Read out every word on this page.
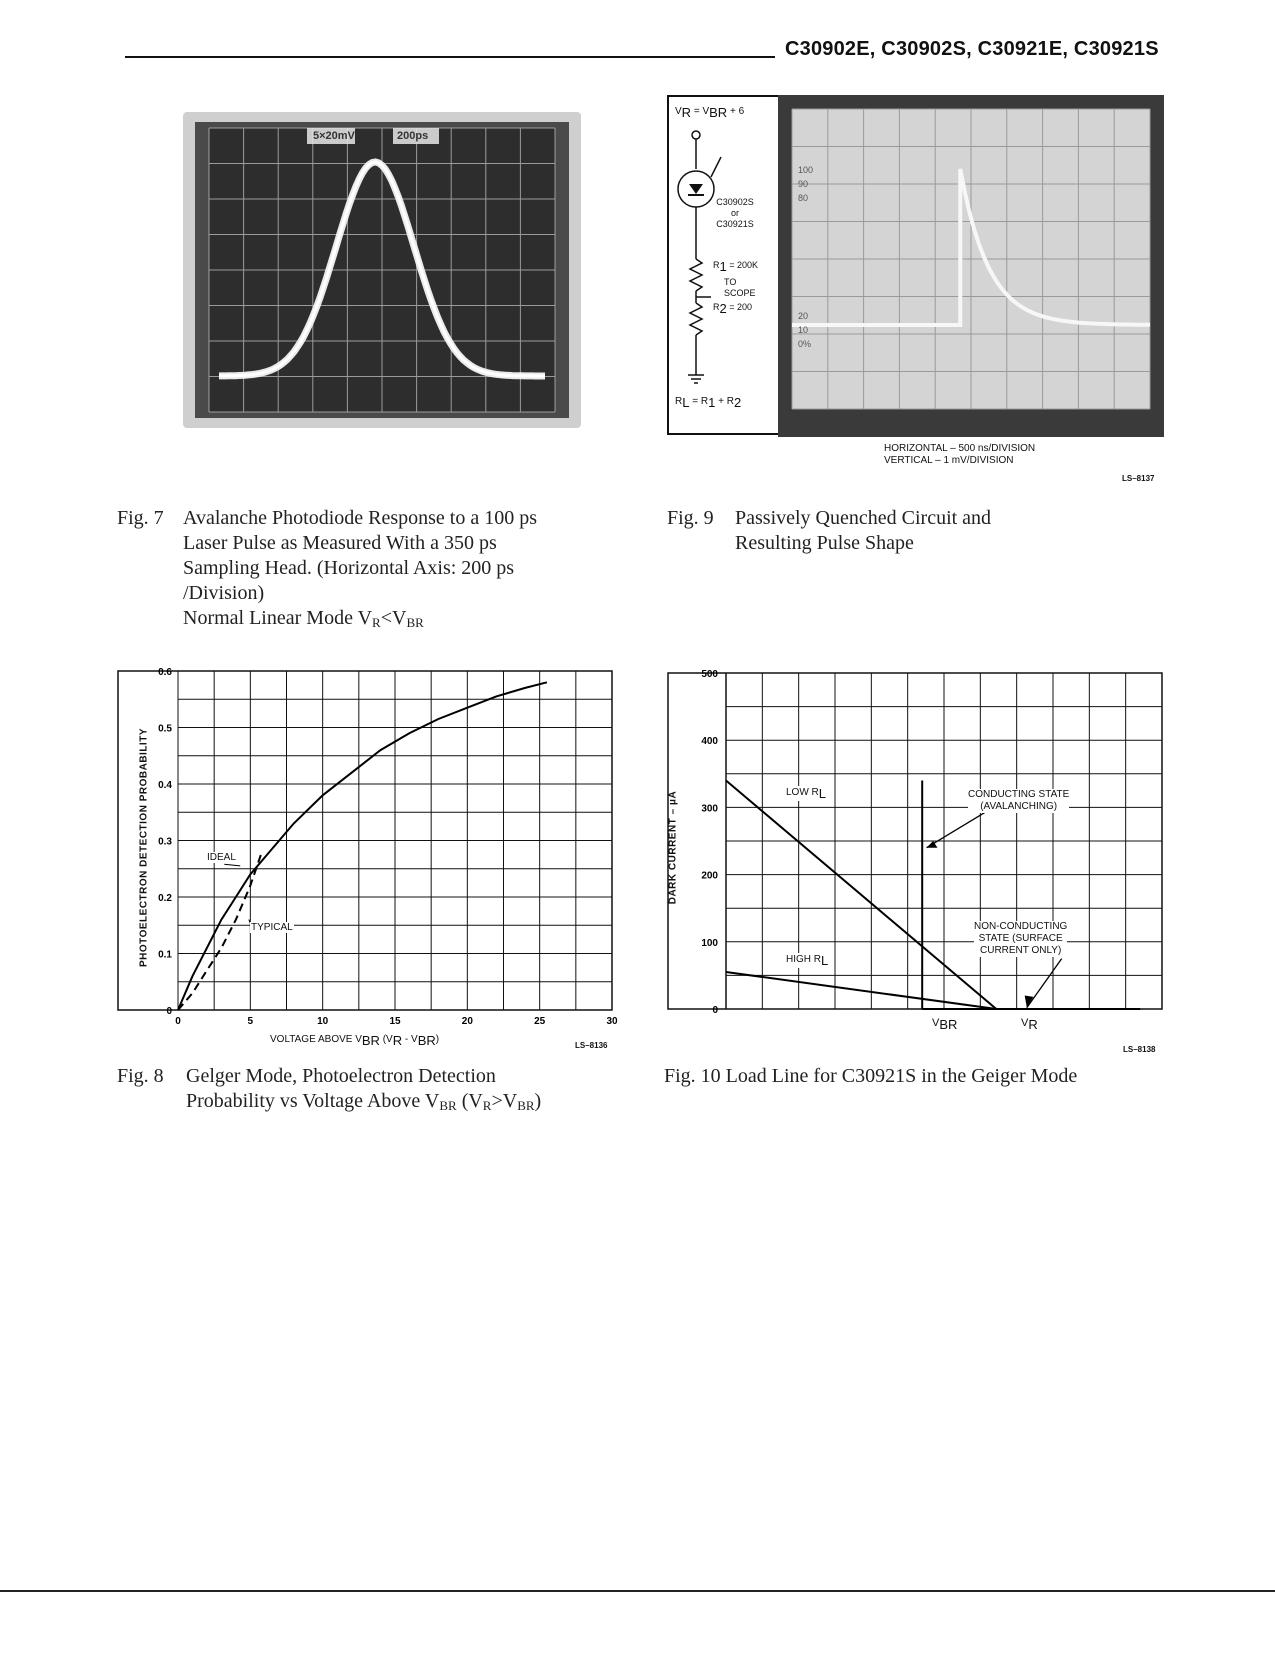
C30902E, C30902S, C30921E, C30921S
5×20mV	200ps
$V_R = V_{BR} + 6$
C30902S
or
C30921S
$R_1 = 200K$
TO
SCOPE
$R_2 = 200$
$R_L = R_1 + R_2$
100
90
80
20
10
0%
HORIZONTAL – 500 ns/DIVISION
VERTICAL – 1 mV/DIVISION
LS–8137
Fig. 7 Avalanche Photodiode Response to a 100 ps
Laser Pulse as Measured With a 350 ps
Sampling Head. (Horizontal Axis: 200 ps
/Division)
Normal Linear Mode $V_R<V_{BR}$
Fig. 9 Passively Quenched Circuit and
Resulting Pulse Shape
0	5	10	15	20	25	30
0
0.1
0.2
0.3
0.4
0.5
0.6
VOLTAGE ABOVE $V_{BR}$ $(V_R - V_{BR})$
LS–8136
PHOTOELECTRON DETECTION PROBABILITY	IDEAL
TYPICAL
Fig. 8 Gelger Mode, Photoelectron Detection
Probability vs Voltage Above $V_{BR}$ $(V_R>V_{BR})$
0
100
200
300
400
500
DARK CURRENT – μA	LOW $R_L$
HIGH $R_L$
CONDUCTING STATE
(AVALANCHING)
NON-CONDUCTING
STATE (SURFACE
CURRENT ONLY)
$V_{BR}$	$V_R$
LS–8138
Fig. 10 Load Line for C30921S in the Geiger Mode
